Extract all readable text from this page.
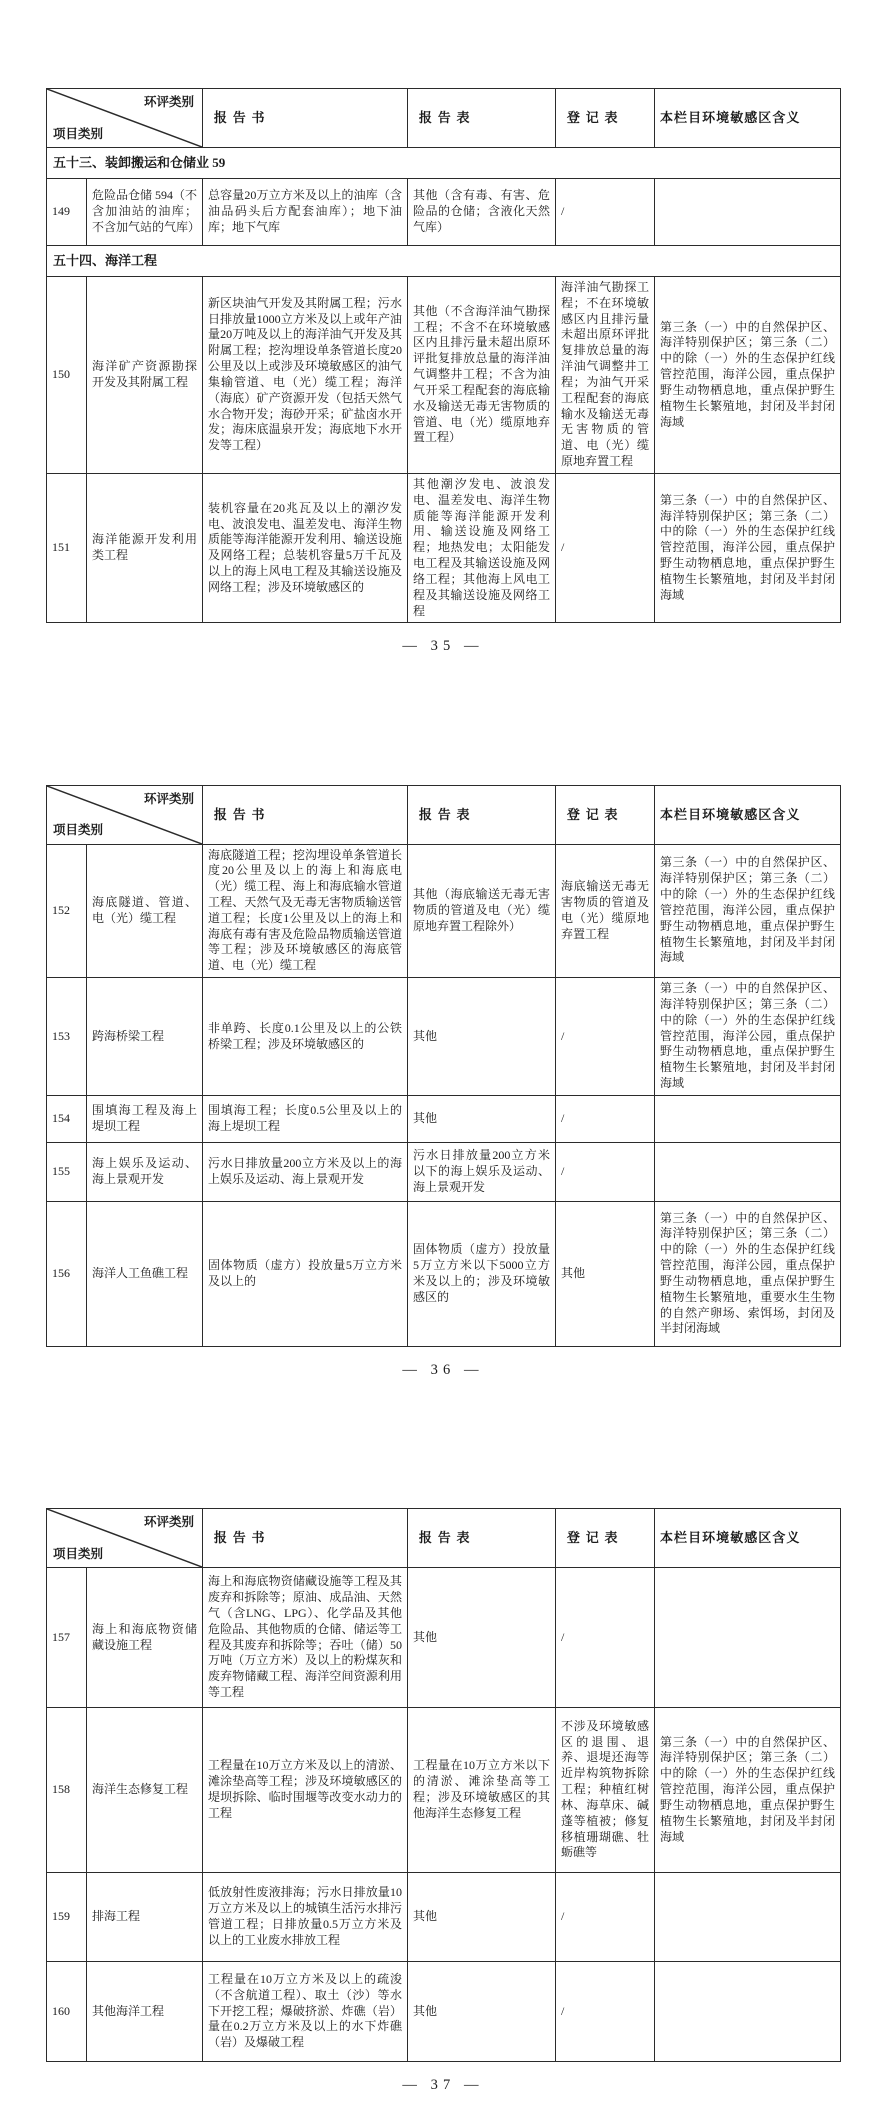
环评类别
项目类别		报告书	报告表	登记表	本栏目环境敏感区含义
五十三、装卸搬运和仓储业 59					
149	危险品仓储 594（不含加油站的油库；不含加气站的气库）	总容量20万立方米及以上的油库（含油品码头后方配套油库）；地下油库；地下气库	其他（含有毒、有害、危险品的仓储；含液化天然气库）	/	
五十四、海洋工程					
150	海洋矿产资源勘探开发及其附属工程	新区块油气开发及其附属工程；污水日排放量1000立方米及以上或年产油量20万吨及以上的海洋油气开发及其附属工程；挖沟埋设单条管道长度20公里及以上或涉及环境敏感区的油气集输管道、电（光）缆工程；海洋（海底）矿产资源开发（包括天然气水合物开发；海砂开采；矿盐卤水开发；海床底温泉开发；海底地下水开发等工程）	其他（不含海洋油气勘探工程；不含不在环境敏感区内且排污量未超出原环评批复排放总量的海洋油气调整井工程；不含为油气开采工程配套的海底输水及输送无毒无害物质的管道、电（光）缆原地弃置工程）	海洋油气勘探工程；不在环境敏感区内且排污量未超出原环评批复排放总量的海洋油气调整井工程；为油气开采工程配套的海底输水及输送无毒无害物质的管道、电（光）缆原地弃置工程	第三条（一）中的自然保护区、海洋特别保护区；第三条（二）中的除（一）外的生态保护红线管控范围，海洋公园，重点保护野生动物栖息地，重点保护野生植物生长繁殖地，封闭及半封闭海域
151	海洋能源开发利用类工程	装机容量在20兆瓦及以上的潮汐发电、波浪发电、温差发电、海洋生物质能等海洋能源开发利用、输送设施及网络工程；总装机容量5万千瓦及以上的海上风电工程及其输送设施及网络工程；涉及环境敏感区的	其他潮汐发电、波浪发电、温差发电、海洋生物质能等海洋能源开发利用、输送设施及网络工程；地热发电；太阳能发电工程及其输送设施及网络工程；其他海上风电工程及其输送设施及网络工程	/	第三条（一）中的自然保护区、海洋特别保护区；第三条（二）中的除（一）外的生态保护红线管控范围，海洋公园，重点保护野生动物栖息地，重点保护野生植物生长繁殖地，封闭及半封闭海域
— 35 —
环评类别
项目类别		报告书	报告表	登记表	本栏目环境敏感区含义
152	海底隧道、管道、电（光）缆工程	海底隧道工程；挖沟埋设单条管道长度20公里及以上的海上和海底电（光）缆工程、海上和海底输水管道工程、天然气及无毒无害物质输送管道工程；长度1公里及以上的海上和海底有毒有害及危险品物质输送管道等工程；涉及环境敏感区的海底管道、电（光）缆工程	其他（海底输送无毒无害物质的管道及电（光）缆原地弃置工程除外）	海底输送无毒无害物质的管道及电（光）缆原地弃置工程	第三条（一）中的自然保护区、海洋特别保护区；第三条（二）中的除（一）外的生态保护红线管控范围，海洋公园，重点保护野生动物栖息地，重点保护野生植物生长繁殖地，封闭及半封闭海域
153	跨海桥梁工程	非单跨、长度0.1公里及以上的公铁桥梁工程；涉及环境敏感区的	其他	/	第三条（一）中的自然保护区、海洋特别保护区；第三条（二）中的除（一）外的生态保护红线管控范围，海洋公园，重点保护野生动物栖息地，重点保护野生植物生长繁殖地，封闭及半封闭海域
154	围填海工程及海上堤坝工程	围填海工程；长度0.5公里及以上的海上堤坝工程	其他	/	
155	海上娱乐及运动、海上景观开发	污水日排放量200立方米及以上的海上娱乐及运动、海上景观开发	污水日排放量200立方米以下的海上娱乐及运动、海上景观开发	/	
156	海洋人工鱼礁工程	固体物质（虚方）投放量5万立方米及以上的	固体物质（虚方）投放量5万立方米以下5000立方米及以上的；涉及环境敏感区的	其他	第三条（一）中的自然保护区、海洋特别保护区；第三条（二）中的除（一）外的生态保护红线管控范围，海洋公园，重点保护野生动物栖息地，重点保护野生植物生长繁殖地，重要水生生物的自然产卵场、索饵场，封闭及半封闭海域
— 36 —
环评类别
项目类别		报告书	报告表	登记表	本栏目环境敏感区含义
157	海上和海底物资储藏设施工程	海上和海底物资储藏设施等工程及其废弃和拆除等；原油、成品油、天然气（含LNG、LPG）、化学品及其他危险品、其他物质的仓储、储运等工程及其废弃和拆除等；吞吐（储）50万吨（万立方米）及以上的粉煤灰和废弃物储藏工程、海洋空间资源利用等工程	其他	/	
158	海洋生态修复工程	工程量在10万立方米及以上的清淤、滩涂垫高等工程；涉及环境敏感区的堤坝拆除、临时围堰等改变水动力的工程	工程量在10万立方米以下的清淤、滩涂垫高等工程；涉及环境敏感区的其他海洋生态修复工程	不涉及环境敏感区的退围、退养、退堤还海等近岸构筑物拆除工程；种植红树林、海草床、碱蓬等植被；修复移植珊瑚礁、牡蛎礁等	第三条（一）中的自然保护区、海洋特别保护区；第三条（二）中的除（一）外的生态保护红线管控范围，海洋公园，重点保护野生动物栖息地，重点保护野生植物生长繁殖地，封闭及半封闭海域
159	排海工程	低放射性废液排海；污水日排放量10万立方米及以上的城镇生活污水排污管道工程；日排放量0.5万立方米及以上的工业废水排放工程	其他	/	
160	其他海洋工程	工程量在10万立方米及以上的疏浚（不含航道工程）、取土（沙）等水下开挖工程；爆破挤淤、炸礁（岩）量在0.2万立方米及以上的水下炸礁（岩）及爆破工程	其他	/	
— 37 —
